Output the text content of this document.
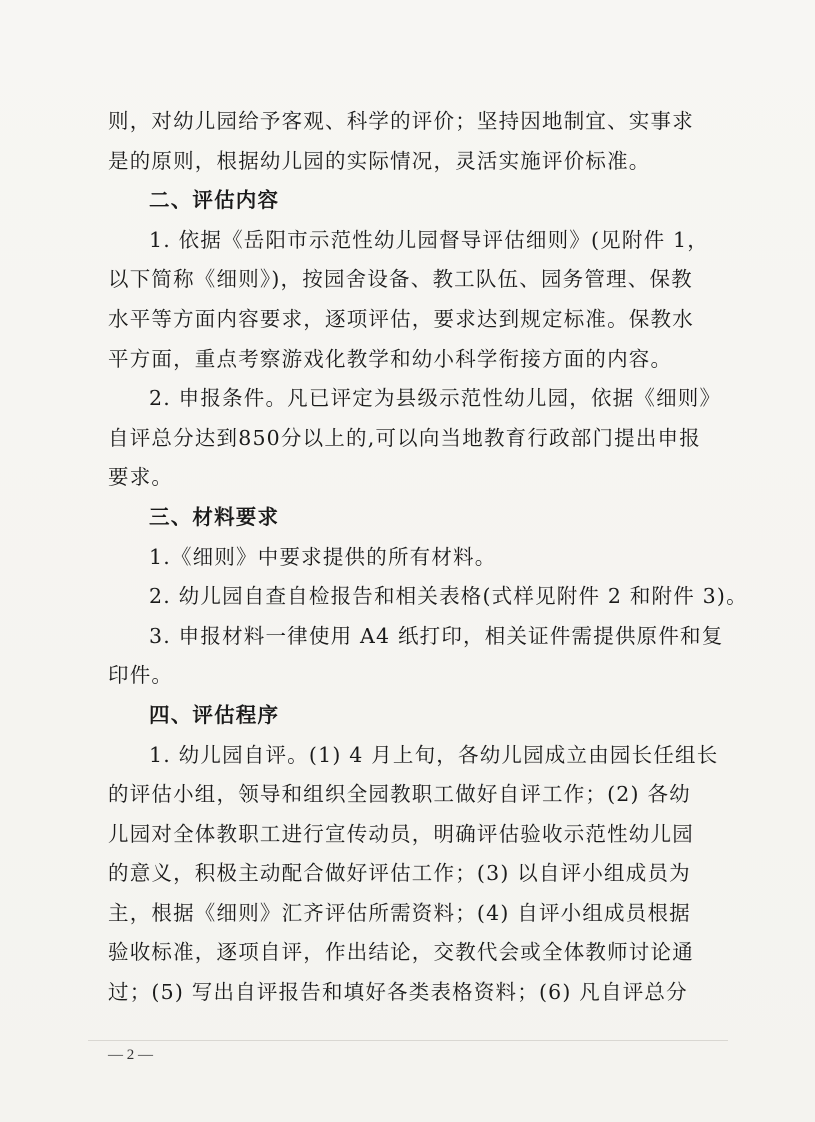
则，对幼儿园给予客观、科学的评价；坚持因地制宜、实事求
是的原则，根据幼儿园的实际情况，灵活实施评价标准。
二、评估内容
1. 依据《岳阳市示范性幼儿园督导评估细则》(见附件 1，
以下简称《细则》)，按园舍设备、教工队伍、园务管理、保教
水平等方面内容要求，逐项评估，要求达到规定标准。保教水
平方面，重点考察游戏化教学和幼小科学衔接方面的内容。
2. 申报条件。凡已评定为县级示范性幼儿园，依据《细则》
自评总分达到850分以上的,可以向当地教育行政部门提出申报
要求。
三、材料要求
1.《细则》中要求提供的所有材料。
2. 幼儿园自查自检报告和相关表格(式样见附件 2 和附件 3)。
3. 申报材料一律使用 A4 纸打印，相关证件需提供原件和复
印件。
四、评估程序
1. 幼儿园自评。(1) 4 月上旬，各幼儿园成立由园长任组长
的评估小组，领导和组织全园教职工做好自评工作；(2) 各幼
儿园对全体教职工进行宣传动员，明确评估验收示范性幼儿园
的意义，积极主动配合做好评估工作；(3) 以自评小组成员为
主，根据《细则》汇齐评估所需资料；(4) 自评小组成员根据
验收标准，逐项自评，作出结论，交教代会或全体教师讨论通
过；(5) 写出自评报告和填好各类表格资料；(6) 凡自评总分
— 2 —
